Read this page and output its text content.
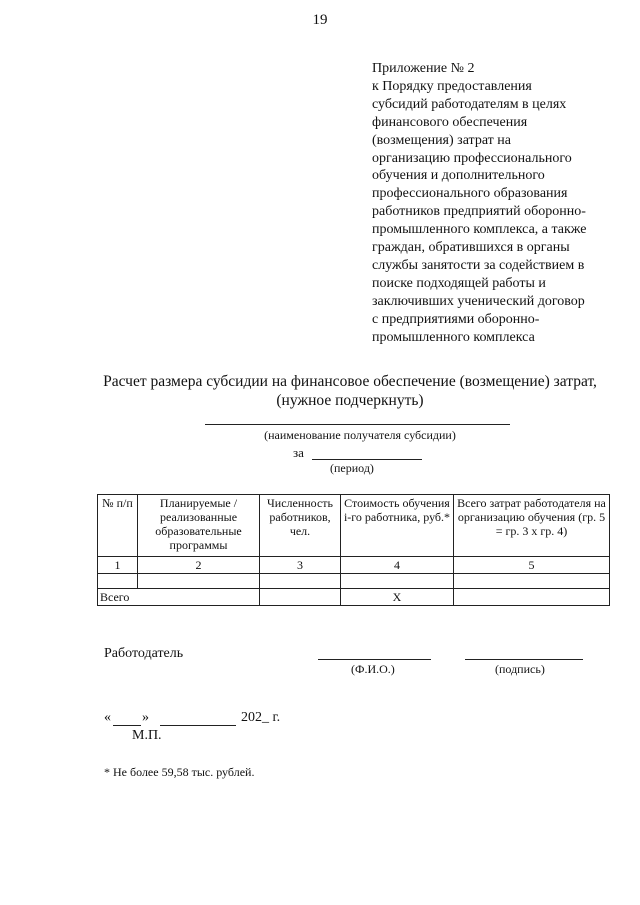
19
Приложение № 2
к Порядку предоставления
субсидий работодателям в целях
финансового обеспечения
(возмещения) затрат на
организацию профессионального
обучения и дополнительного
профессионального образования
работников предприятий оборонно-
промышленного комплекса, а также
граждан, обратившихся в органы
службы занятости за содействием в
поиске подходящей работы и
заключивших ученический договор
с предприятиями оборонно-
промышленного комплекса
Расчет размера субсидии на финансовое обеспечение (возмещение) затрат,
(нужное подчеркнуть)
(наименование получателя субсидии)
за
(период)
№ п/п	Планируемые / реализованные образовательные программы	Численность работников, чел.	Стоимость обучения i-го работника, руб.*	Всего затрат работодателя на организацию обучения (гр. 5 = гр. 3 x гр. 4)
1	2	3	4	5

Всего			X	
Работодатель
(Ф.И.О.)	(подпись)
« »	202_ г.
М.П.
* Не более 59,58 тыс. рублей.
